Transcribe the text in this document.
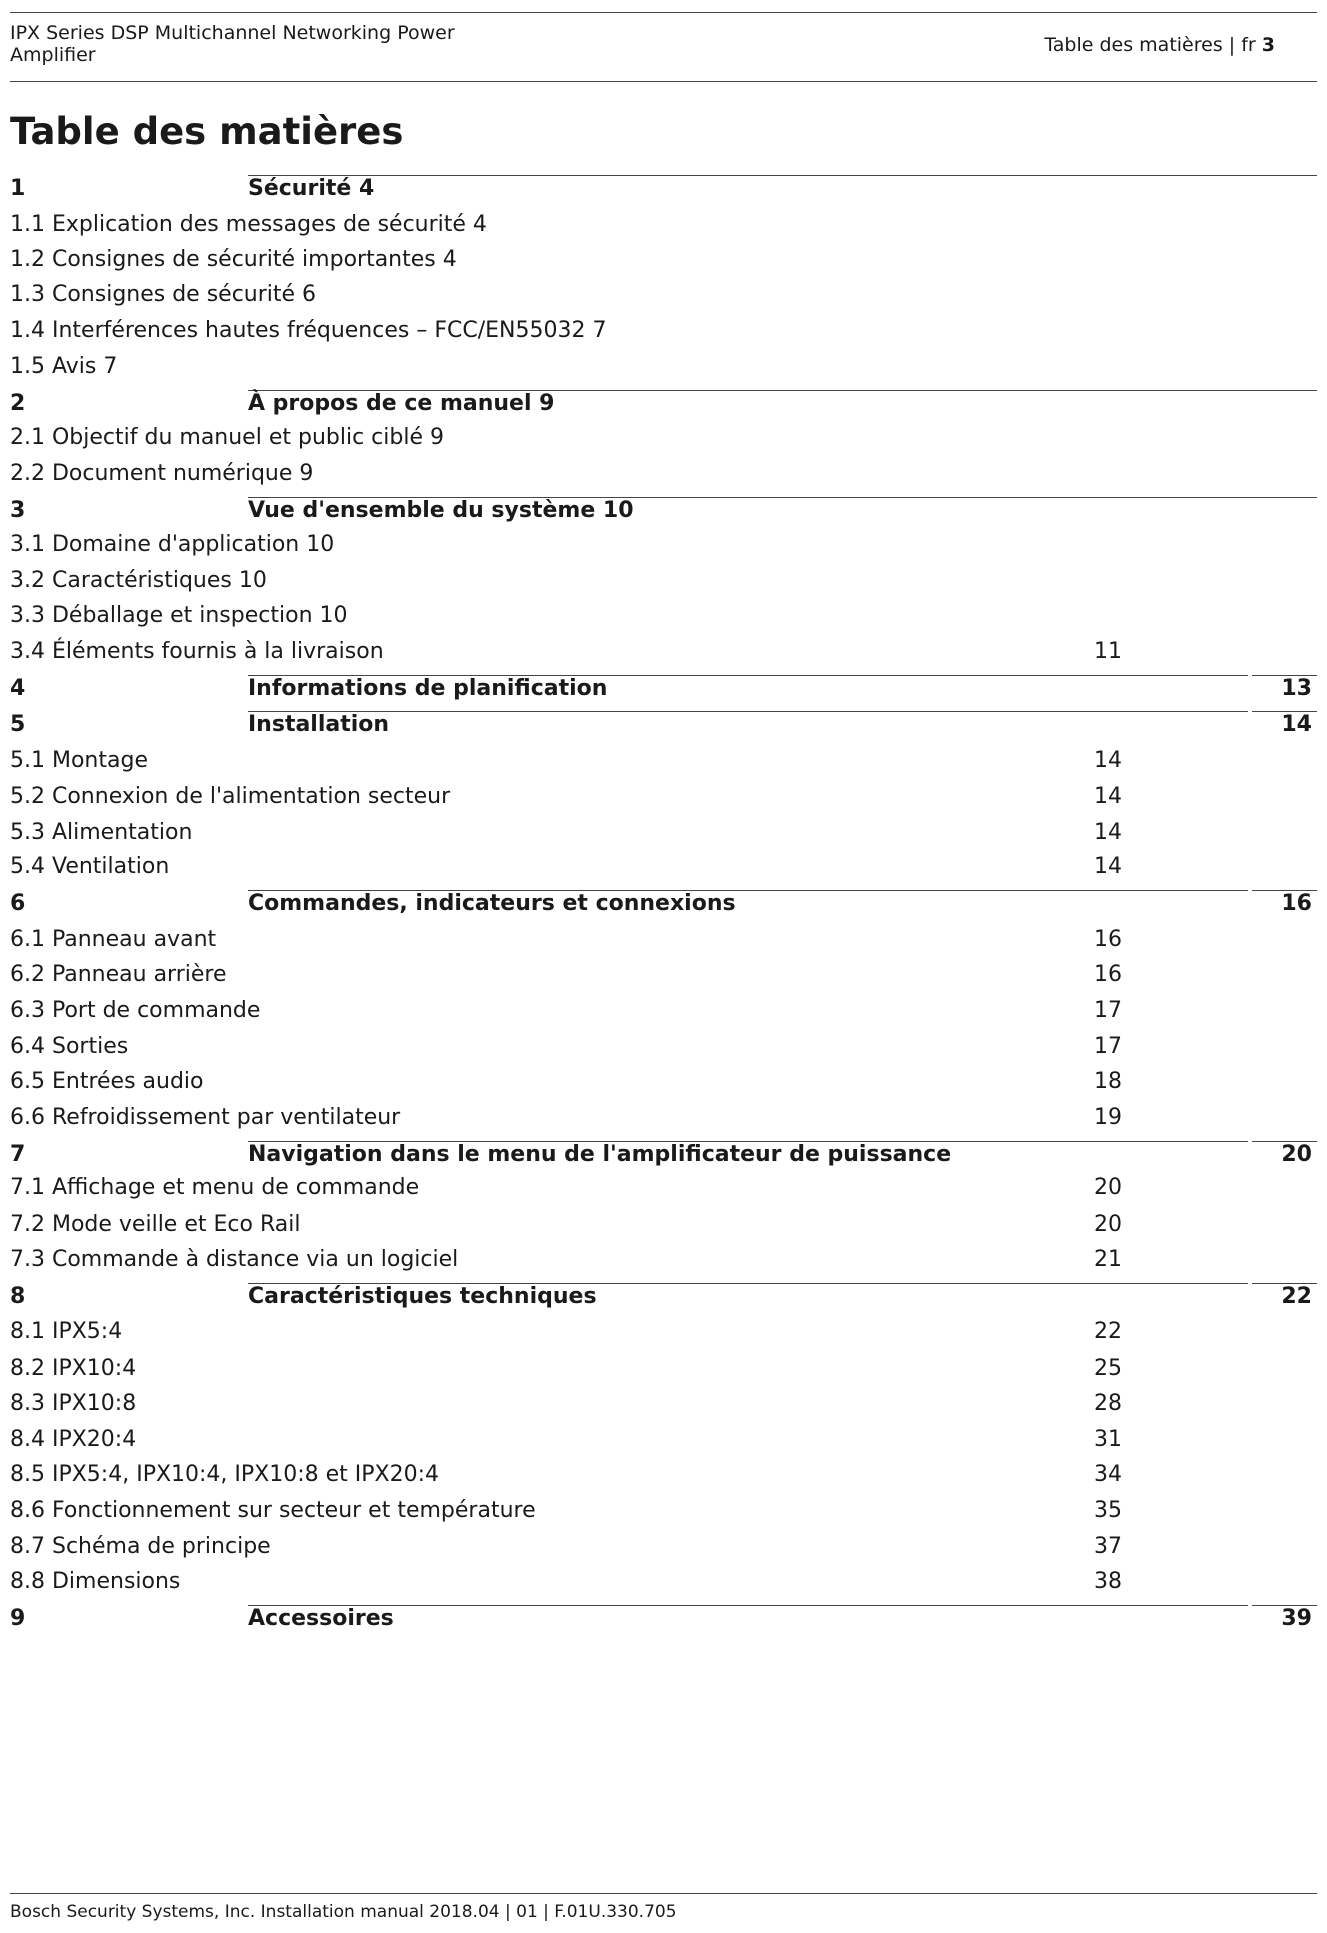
IPX Series DSP Multichannel Networking Power Amplifier	Table des matières | fr 3
Table des matières
1	Sécurité 4
1.1 Explication des messages de sécurité 4
1.2 Consignes de sécurité importantes 4
1.3 Consignes de sécurité 6
1.4 Interférences hautes fréquences – FCC/EN55032 7
1.5 Avis 7
2	À propos de ce manuel 9
2.1 Objectif du manuel et public ciblé 9
2.2 Document numérique 9
3	Vue d'ensemble du système 10
3.1 Domaine d'application 10
3.2 Caractéristiques 10
3.3 Déballage et inspection 10
3.4 Éléments fournis à la livraison	11
4	Informations de planification	13
5	Installation	14
5.1 Montage	14
5.2 Connexion de l'alimentation secteur	14
5.3 Alimentation	14
5.4 Ventilation	14
6	Commandes, indicateurs et connexions	16
6.1 Panneau avant	16
6.2 Panneau arrière	16
6.3 Port de commande	17
6.4 Sorties	17
6.5 Entrées audio	18
6.6 Refroidissement par ventilateur	19
7	Navigation dans le menu de l'amplificateur de puissance	20
7.1 Affichage et menu de commande	20
7.2 Mode veille et Eco Rail	20
7.3 Commande à distance via un logiciel	21
8	Caractéristiques techniques	22
8.1 IPX5:4	22
8.2 IPX10:4	25
8.3 IPX10:8	28
8.4 IPX20:4	31
8.5 IPX5:4, IPX10:4, IPX10:8 et IPX20:4	34
8.6 Fonctionnement sur secteur et température	35
8.7 Schéma de principe	37
8.8 Dimensions	38
9	Accessoires	39
Bosch Security Systems, Inc. Installation manual 2018.04 | 01 | F.01U.330.705
